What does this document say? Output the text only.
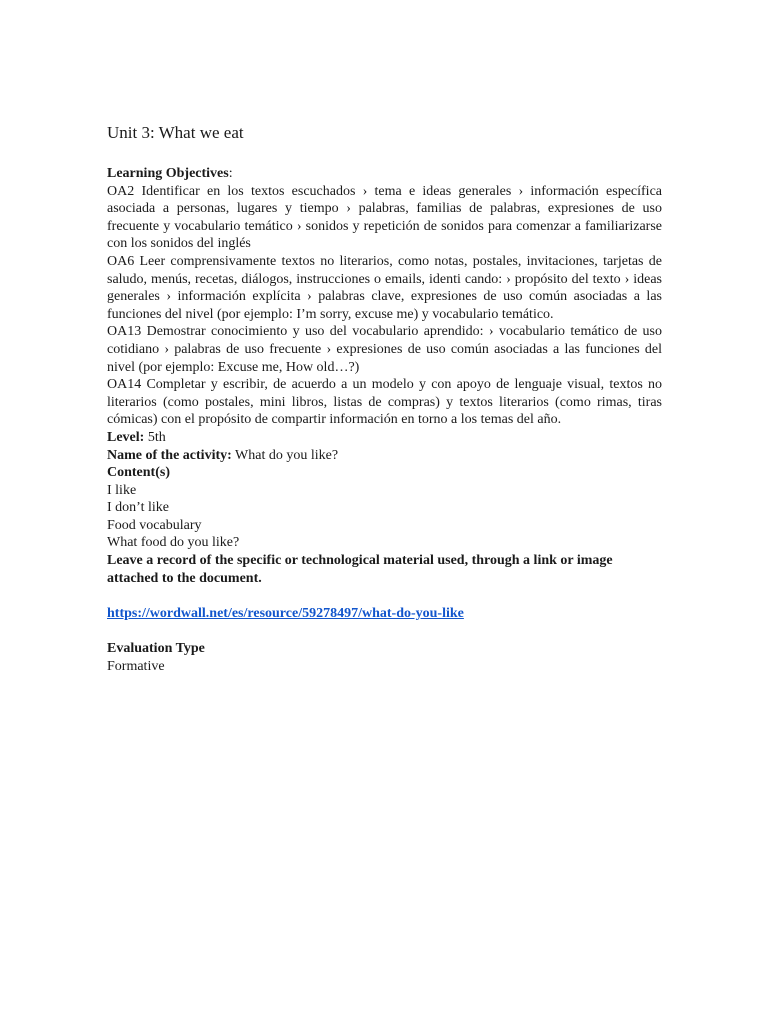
Unit 3: What we eat

Learning Objectives:

OA2 Identificar en los textos escuchados › tema e ideas generales › información específica asociada a personas, lugares y tiempo › palabras, familias de palabras, expresiones de uso frecuente y vocabulario temático › sonidos y repetición de sonidos para comenzar a familiarizarse con los sonidos del inglés

OA6 Leer comprensivamente textos no literarios, como notas, postales, invitaciones, tarjetas de saludo, menús, recetas, diálogos, instrucciones o emails, identi cando: › propósito del texto › ideas generales › información explícita › palabras clave, expresiones de uso común asociadas a las funciones del nivel (por ejemplo: I’m sorry, excuse me) y vocabulario temático.

OA13 Demostrar conocimiento y uso del vocabulario aprendido: › vocabulario temático de uso cotidiano › palabras de uso frecuente › expresiones de uso común asociadas a las funciones del nivel (por ejemplo: Excuse me, How old…?)

OA14 Completar y escribir, de acuerdo a un modelo y con apoyo de lenguaje visual, textos no literarios (como postales, mini libros, listas de compras) y textos literarios (como rimas, tiras cómicas) con el propósito de compartir información en torno a los temas del año.

Level: 5th

Name of the activity: What do you like?

Content(s)

I like

I don’t like

Food vocabulary

What food do you like?

Leave a record of the specific or technological material used, through a link or image attached to the document.

https://wordwall.net/es/resource/59278497/what-do-you-like

Evaluation Type

Formative
